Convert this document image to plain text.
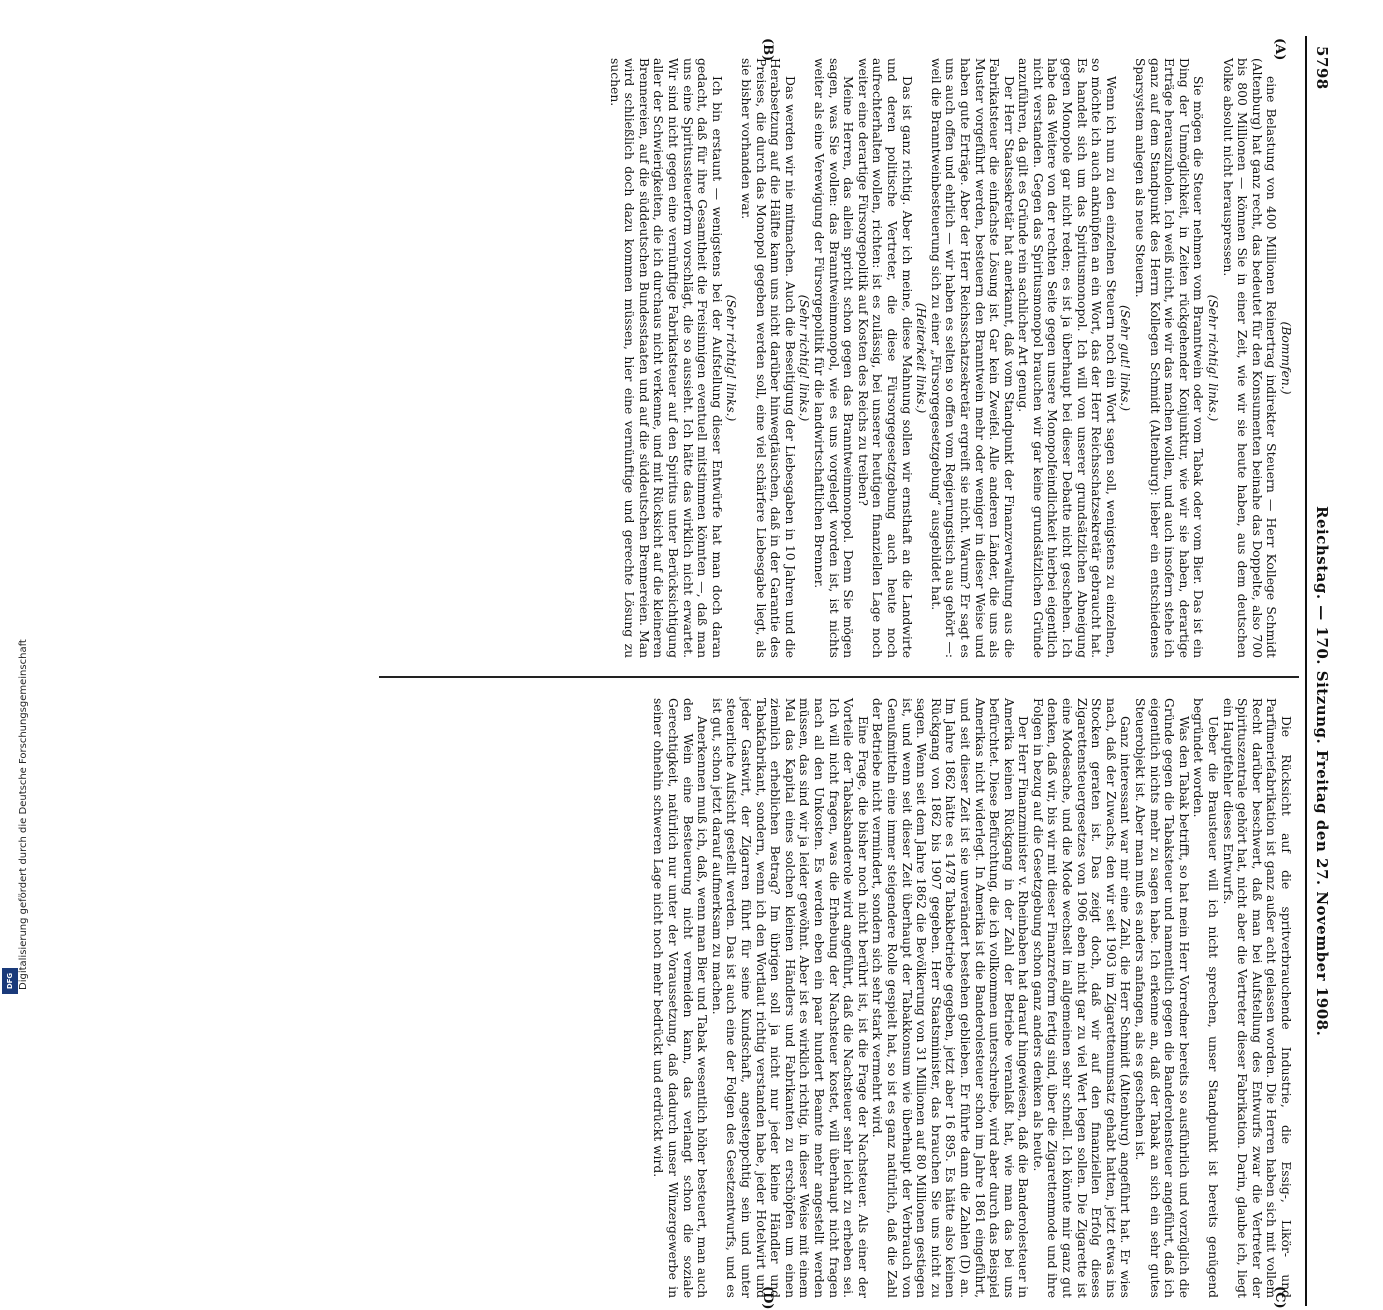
Digitalisierung gefördert durch die Deutsche Forschungsgemeinschaft
DFG
5798
Reichstag. — 170. Sitzung. Freitag den 27. November 1908.
(A)
(B)
(C)
(D)

(Bommfen.)

eine Belastung von 400 Millionen Reinertrag indirekter Steuern — Herr Kollege Schmidt (Altenburg) hat ganz recht, das bedeutet für den Konsumenten beinahe das Doppelte, also 700 bis 800 Millionen — können Sie in einer Zeit, wie wir sie heute haben, aus dem deutschen Volke absolut nicht herauspressen.

(Sehr richtig! links.)

Sie mögen die Steuer nehmen vom Branntwein oder vom Tabak oder vom Bier. Das ist ein Ding der Unmöglichkeit, in Zeiten rückgehender Konjunktur, wie wir sie haben, derartige Erträge herauszuholen. Ich weiß nicht, wie wir das machen wollen, und auch insofern stehe ich ganz auf dem Standpunkt des Herrn Kollegen Schmidt (Altenburg): lieber ein entschiedenes Sparsystem anlegen als neue Steuern.

(Sehr gut! links.)

Wenn ich nun zu den einzelnen Steuern noch ein Wort sagen soll, wenigstens zu einzelnen, so möchte ich auch anknüpfen an ein Wort, das der Herr Reichsschatzsekretär gebraucht hat. Es handelt sich um das Spiritusmonopol. Ich will von unserer grundsätzlichen Abneigung gegen Monopole gar nicht reden; es ist ja überhaupt bei dieser Debatte nicht geschehen. Ich habe das Weitere von der rechten Seite gegen unsere Monopolfeindlichkeit hierbei eigentlich nicht verstanden. Gegen das Spiritusmonopol brauchen wir gar keine grundsätzlichen Gründe anzuführen, da gilt es Gründe rein sachlicher Art genug.

Der Herr Staatssekretär hat anerkannt, daß vom Standpunkt der Finanzverwaltung aus die Fabrikatsteuer die einfachste Lösung ist. Gar kein Zweifel. Alle anderen Länder, die uns als Muster vorgeführt werden, besteuern den Branntwein mehr oder weniger in dieser Weise und haben gute Erträge. Aber der Herr Reichsschatzsekretär ergreift sie nicht. Warum? Er sagt es uns auch offen und ehrlich — wir haben es selten so offen vom Regierungstisch aus gehört —: weil die Branntweinbesteuerung sich zu einer „Fürsorgegesetzgebung“ ausgebildet hat.

(Heiterkeit links.)

Das ist ganz richtig. Aber ich meine, diese Mahnung sollen wir ernsthaft an die Landwirte und deren politische Vertreter, die diese Fürsorgegesetzgebung auch heute noch aufrechterhalten wollen, richten: ist es zulässig, bei unserer heutigen finanziellen Lage noch weiter eine derartige Fürsorgepolitik auf Kosten des Reichs zu treiben?

Meine Herren, das allein spricht schon gegen das Branntweinmonopol. Denn Sie mögen sagen, was Sie wollen: das Branntweinmonopol, wie es uns vorgelegt worden ist, ist nichts weiter als eine Verewigung der Fürsorgepolitik für die landwirtschaftlichen Brenner.

(Sehr richtig! links.)

Das werden wir nie mitmachen. Auch die Beseitigung der Liebesgaben in 10 Jahren und die Herabsetzung auf die Hälfte kann uns nicht darüber hinwegtäuschen, daß in der Garantie des Preises, die durch das Monopol gegeben werden soll, eine viel schärfere Liebesgabe liegt, als sie bisher vorhanden war.

(Sehr richtig! links.)

Ich bin erstaunt — wenigstens bei der Aufstellung dieser Entwürfe hat man doch daran gedacht, daß für ihre Gesamtheit die Freisinnigen eventuell mitstimmen könnten —, daß man uns eine Spiritussteuerform vorschlägt, die so aussieht. Ich hätte das wirklich nicht erwartet. Wir sind nicht gegen eine vernünftige Fabrikatsteuer auf den Spiritus unter Berücksichtigung aller der Schwierigkeiten, die ich durchaus nicht verkenne, und mit Rücksicht auf die kleineren Brennereien, auf die süddeutschen Bundesstaaten und auf die süddeutschen Brennereien. Man wird schließlich doch dazu kommen müssen, hier eine vernünftige und gerechte Lösung zu suchen.

Die Rücksicht auf die spritverbrauchende Industrie, die Essig-, Likör- und Parfümeriefabrikation ist ganz außer acht gelassen worden. Die Herren haben sich mit vollem Recht darüber beschwert, daß man bei Aufstellung des Entwurfs zwar die Vertreter der Spirituszentrale gehört hat, nicht aber die Vertreter dieser Fabrikation. Darin, glaube ich, liegt ein Hauptfehler dieses Entwurfs.

Ueber die Brausteuer will ich nicht sprechen, unser Standpunkt ist bereits genügend begründet worden.

Was den Tabak betrifft, so hat mein Herr Vorredner bereits so ausführlich und vorzüglich die Gründe gegen die Tabaksteuer und namentlich gegen die Banderolensteuer angeführt, daß ich eigentlich nichts mehr zu sagen habe. Ich erkenne an, daß der Tabak an sich ein sehr gutes Steuerobjekt ist. Aber man muß es anders anfangen, als es geschehen ist.

Ganz interessant war mir eine Zahl, die Herr Schmidt (Altenburg) angeführt hat. Er wies nach, daß der Zuwachs, den wir seit 1903 im Zigarettenumsatz gehabt hatten, jetzt etwas ins Stocken geraten ist. Das zeigt doch, daß wir auf den finanziellen Erfolg dieses Zigarettensteuergesetzes von 1906 eben nicht gar zu viel Wert legen sollen. Die Zigarette ist eine Modesache, und die Mode wechselt im allgemeinen sehr schnell. Ich könnte mir ganz gut denken, daß wir, bis wir mit dieser Finanzreform fertig sind, über die Zigarettenmode und ihre Folgen in bezug auf die Gesetzgebung schon ganz anders denken als heute.

Der Herr Finanzminister v. Rheinbaben hat darauf hingewiesen, daß die Banderolesteuer in Amerika keinen Rückgang in der Zahl der Betriebe veranlaßt hat, wie man das bei uns befürchtet. Diese Befürchtung, die ich vollkommen unterschreibe, wird aber durch das Beispiel Amerikas nicht widerlegt. In Amerika ist die Banderolesteuer schon im Jahre 1861 eingeführt, und seit dieser Zeit ist sie unverändert bestehen geblieben. Er führte dann die Zahlen (D) an. Im Jahre 1862 hätte es 1478 Tabakbetriebe gegeben, jetzt aber 16 895. Es hätte also keinen Rückgang von 1862 bis 1907 gegeben. Herr Staatsminister, das brauchen Sie uns nicht zu sagen. Wenn seit dem Jahre 1862 die Bevölkerung von 31 Millionen auf 80 Millionen gestiegen ist, und wenn seit dieser Zeit überhaupt der Tabakkonsum wie überhaupt der Verbrauch von Genußmitteln eine immer steigendere Rolle gespielt hat, so ist es ganz natürlich, daß die Zahl der Betriebe nicht vermindert, sondern sich sehr stark vermehrt wird.

Eine Frage, die bisher noch nicht berührt ist, ist die Frage der Nachsteuer. Als einer der Vorteile der Tabaksbanderole wird angeführt, daß die Nachsteuer sehr leicht zu erheben sei. Ich will nicht fragen, was die Erhebung der Nachsteuer kostet, will überhaupt nicht fragen nach all den Unkosten. Es werden eben ein paar hundert Beamte mehr angestellt werden müssen, das sind wir ja leider gewöhnt. Aber ist es wirklich richtig, in dieser Weise mit einem Mal das Kapital eines solchen kleinen Händlers und Fabrikanten zu erschöpfen um einen ziemlich erheblichen Betrag? Im übrigen soll ja nicht nur jeder kleine Händler und Tabakfabrikant, sondern, wenn ich den Wortlaut richtig verstanden habe, jeder Hotelwirt und jeder Gastwirt, der Zigarren führt für seine Kundschaft, angesteppchtig sein und unter steuerliche Aufsicht gestellt werden. Das ist auch eine der Folgen des Gesetzentwurfs, und es ist gut, schon jetzt darauf aufmerksam zu machen.

Anerkennen muß ich, daß, wenn man Bier und Tabak wesentlich höher besteuert, man auch den Wein eine Besteuerung nicht vermeiden kann, das verlangt schon die soziale Gerechtigkeit, natürlich nur unter der Voraussetzung, daß dadurch unser Winzergewerbe in seiner ohnehin schweren Lage nicht noch mehr bedrückt und erdrückt wird.
